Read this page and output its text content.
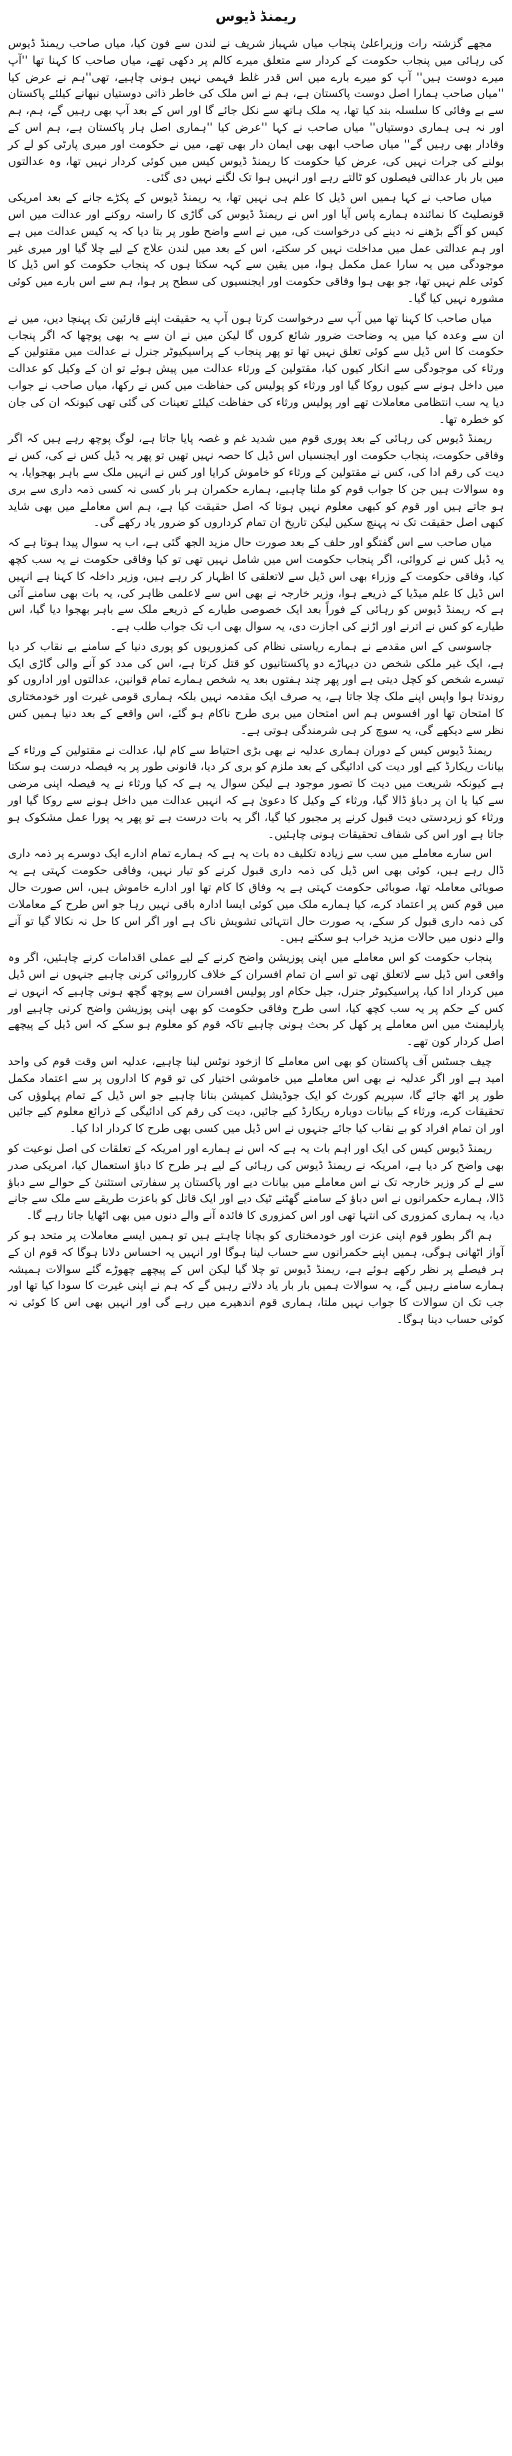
ریمنڈ ڈیوس

مجھے گزشتہ رات وزیراعلیٰ پنجاب میاں شہباز شریف نے لندن سے فون کیا، میاں صاحب ریمنڈ ڈیوس کی رہائی میں پنجاب حکومت کے کردار سے متعلق میرے کالم پر دکھی تھے، میاں صاحب کا کہنا تھا ''آپ میرے دوست ہیں'' آپ کو میرے بارے میں اس قدر غلط فہمی نہیں ہونی چاہیے، تھی''ہم نے عرض کیا ''میاں صاحب ہمارا اصل دوست پاکستان ہے، ہم نے اس ملک کی خاطر ذاتی دوستیاں نبھانے کیلئے پاکستان سے بے وفائی کا سلسلہ بند کیا تھا، یہ ملک ہاتھ سے نکل جائے گا اور اس کے بعد آپ بھی رہیں گے، ہم، ہم اور نہ ہی ہماری دوستیاں'' میاں صاحب نے کہا ''عرض کیا ''ہماری اصل ہار پاکستان ہے، ہم اس کے وفادار بھی رہیں گے'' میاں صاحب ابھی بھی ایمان دار بھی تھے، میں نے حکومت اور میری پارٹی کو لے کر بولنے کی جرات نہیں کی، عرض کیا حکومت کا ریمنڈ ڈیوس کیس میں کوئی کردار نہیں تھا، وہ عدالتوں میں بار بار عدالتی فیصلوں کو ٹالتے رہے اور انہیں ہوا تک لگنے نہیں دی گئی۔

میاں صاحب نے کہا ہمیں اس ڈیل کا علم ہی نہیں تھا، یہ ریمنڈ ڈیوس کے پکڑے جانے کے بعد امریکی قونصلیٹ کا نمائندہ ہمارے پاس آیا اور اس نے ریمنڈ ڈیوس کی گاڑی کا راستہ روکنے اور عدالت میں اس کیس کو آگے بڑھنے نہ دینے کی درخواست کی، میں نے اسے واضح طور پر بتا دیا کہ یہ کیس عدالت میں ہے اور ہم عدالتی عمل میں مداخلت نہیں کر سکتے، اس کے بعد میں لندن علاج کے لیے چلا گیا اور میری غیر موجودگی میں یہ سارا عمل مکمل ہوا، میں یقین سے کہہ سکتا ہوں کہ پنجاب حکومت کو اس ڈیل کا کوئی علم نہیں تھا، جو بھی ہوا وفاقی حکومت اور ایجنسیوں کی سطح پر ہوا، ہم سے اس بارے میں کوئی مشورہ نہیں کیا گیا۔

میاں صاحب کا کہنا تھا میں آپ سے درخواست کرتا ہوں آپ یہ حقیقت اپنے قارئین تک پہنچا دیں، میں نے ان سے وعدہ کیا میں یہ وضاحت ضرور شائع کروں گا لیکن میں نے ان سے یہ بھی پوچھا کہ اگر پنجاب حکومت کا اس ڈیل سے کوئی تعلق نہیں تھا تو پھر پنجاب کے پراسیکیوٹر جنرل نے عدالت میں مقتولین کے ورثاء کی موجودگی سے انکار کیوں کیا، مقتولین کے ورثاء عدالت میں پیش ہوئے تو ان کے وکیل کو عدالت میں داخل ہونے سے کیوں روکا گیا اور ورثاء کو پولیس کی حفاظت میں کس نے رکھا، میاں صاحب نے جواب دیا یہ سب انتظامی معاملات تھے اور پولیس ورثاء کی حفاظت کیلئے تعینات کی گئی تھی کیونکہ ان کی جان کو خطرہ تھا۔

ریمنڈ ڈیوس کی رہائی کے بعد پوری قوم میں شدید غم و غصہ پایا جاتا ہے، لوگ پوچھ رہے ہیں کہ اگر وفاقی حکومت، پنجاب حکومت اور ایجنسیاں اس ڈیل کا حصہ نہیں تھیں تو پھر یہ ڈیل کس نے کی، کس نے دیت کی رقم ادا کی، کس نے مقتولین کے ورثاء کو خاموش کرایا اور کس نے انہیں ملک سے باہر بھجوایا، یہ وہ سوالات ہیں جن کا جواب قوم کو ملنا چاہیے، ہمارے حکمران ہر بار کسی نہ کسی ذمہ داری سے بری ہو جاتے ہیں اور قوم کو کبھی معلوم نہیں ہوتا کہ اصل حقیقت کیا ہے، ہم اس معاملے میں بھی شاید کبھی اصل حقیقت تک نہ پہنچ سکیں لیکن تاریخ ان تمام کرداروں کو ضرور یاد رکھے گی۔

میاں صاحب سے اس گفتگو اور حلف کے بعد صورت حال مزید الجھ گئی ہے، اب یہ سوال پیدا ہوتا ہے کہ یہ ڈیل کس نے کروائی، اگر پنجاب حکومت اس میں شامل نہیں تھی تو کیا وفاقی حکومت نے یہ سب کچھ کیا، وفاقی حکومت کے وزراء بھی اس ڈیل سے لاتعلقی کا اظہار کر رہے ہیں، وزیر داخلہ کا کہنا ہے انہیں اس ڈیل کا علم میڈیا کے ذریعے ہوا، وزیر خارجہ نے بھی اس سے لاعلمی ظاہر کی، یہ بات بھی سامنے آئی ہے کہ ریمنڈ ڈیوس کو رہائی کے فوراً بعد ایک خصوصی طیارے کے ذریعے ملک سے باہر بھجوا دیا گیا، اس طیارے کو کس نے اترنے اور اڑنے کی اجازت دی، یہ سوال بھی اب تک جواب طلب ہے۔

جاسوسی کے اس مقدمے نے ہمارے ریاستی نظام کی کمزوریوں کو پوری دنیا کے سامنے بے نقاب کر دیا ہے، ایک غیر ملکی شخص دن دیہاڑے دو پاکستانیوں کو قتل کرتا ہے، اس کی مدد کو آنے والی گاڑی ایک تیسرے شخص کو کچل دیتی ہے اور پھر چند ہفتوں بعد یہ شخص ہمارے تمام قوانین، عدالتوں اور اداروں کو روندتا ہوا واپس اپنے ملک چلا جاتا ہے، یہ صرف ایک مقدمہ نہیں بلکہ ہماری قومی غیرت اور خودمختاری کا امتحان تھا اور افسوس ہم اس امتحان میں بری طرح ناکام ہو گئے، اس واقعے کے بعد دنیا ہمیں کس نظر سے دیکھے گی، یہ سوچ کر ہی شرمندگی ہوتی ہے۔

ریمنڈ ڈیوس کیس کے دوران ہماری عدلیہ نے بھی بڑی احتیاط سے کام لیا، عدالت نے مقتولین کے ورثاء کے بیانات ریکارڈ کیے اور دیت کی ادائیگی کے بعد ملزم کو بری کر دیا، قانونی طور پر یہ فیصلہ درست ہو سکتا ہے کیونکہ شریعت میں دیت کا تصور موجود ہے لیکن سوال یہ ہے کہ کیا ورثاء نے یہ فیصلہ اپنی مرضی سے کیا یا ان پر دباؤ ڈالا گیا، ورثاء کے وکیل کا دعویٰ ہے کہ انہیں عدالت میں داخل ہونے سے روکا گیا اور ورثاء کو زبردستی دیت قبول کرنے پر مجبور کیا گیا، اگر یہ بات درست ہے تو پھر یہ پورا عمل مشکوک ہو جاتا ہے اور اس کی شفاف تحقیقات ہونی چاہئیں۔

اس سارے معاملے میں سب سے زیادہ تکلیف دہ بات یہ ہے کہ ہمارے تمام ادارے ایک دوسرے پر ذمہ داری ڈال رہے ہیں، کوئی بھی اس ڈیل کی ذمہ داری قبول کرنے کو تیار نہیں، وفاقی حکومت کہتی ہے یہ صوبائی معاملہ تھا، صوبائی حکومت کہتی ہے یہ وفاق کا کام تھا اور ادارے خاموش ہیں، اس صورت حال میں قوم کس پر اعتماد کرے، کیا ہمارے ملک میں کوئی ایسا ادارہ باقی نہیں رہا جو اس طرح کے معاملات کی ذمہ داری قبول کر سکے، یہ صورت حال انتہائی تشویش ناک ہے اور اگر اس کا حل نہ نکالا گیا تو آنے والے دنوں میں حالات مزید خراب ہو سکتے ہیں۔

پنجاب حکومت کو اس معاملے میں اپنی پوزیشن واضح کرنے کے لیے عملی اقدامات کرنے چاہئیں، اگر وہ واقعی اس ڈیل سے لاتعلق تھی تو اسے ان تمام افسران کے خلاف کارروائی کرنی چاہیے جنہوں نے اس ڈیل میں کردار ادا کیا، پراسیکیوٹر جنرل، جیل حکام اور پولیس افسران سے پوچھ گچھ ہونی چاہیے کہ انہوں نے کس کے حکم پر یہ سب کچھ کیا، اسی طرح وفاقی حکومت کو بھی اپنی پوزیشن واضح کرنی چاہیے اور پارلیمنٹ میں اس معاملے پر کھل کر بحث ہونی چاہیے تاکہ قوم کو معلوم ہو سکے کہ اس ڈیل کے پیچھے اصل کردار کون تھے۔

چیف جسٹس آف پاکستان کو بھی اس معاملے کا ازخود نوٹس لینا چاہیے، عدلیہ اس وقت قوم کی واحد امید ہے اور اگر عدلیہ نے بھی اس معاملے میں خاموشی اختیار کی تو قوم کا اداروں پر سے اعتماد مکمل طور پر اٹھ جائے گا، سپریم کورٹ کو ایک جوڈیشل کمیشن بنانا چاہیے جو اس ڈیل کے تمام پہلوؤں کی تحقیقات کرے، ورثاء کے بیانات دوبارہ ریکارڈ کیے جائیں، دیت کی رقم کی ادائیگی کے ذرائع معلوم کیے جائیں اور ان تمام افراد کو بے نقاب کیا جائے جنہوں نے اس ڈیل میں کسی بھی طرح کا کردار ادا کیا۔

ریمنڈ ڈیوس کیس کی ایک اور اہم بات یہ ہے کہ اس نے ہمارے اور امریکہ کے تعلقات کی اصل نوعیت کو بھی واضح کر دیا ہے، امریکہ نے ریمنڈ ڈیوس کی رہائی کے لیے ہر طرح کا دباؤ استعمال کیا، امریکی صدر سے لے کر وزیر خارجہ تک نے اس معاملے میں بیانات دیے اور پاکستان پر سفارتی استثنیٰ کے حوالے سے دباؤ ڈالا، ہمارے حکمرانوں نے اس دباؤ کے سامنے گھٹنے ٹیک دیے اور ایک قاتل کو باعزت طریقے سے ملک سے جانے دیا، یہ ہماری کمزوری کی انتہا تھی اور اس کمزوری کا فائدہ آنے والے دنوں میں بھی اٹھایا جاتا رہے گا۔

ہم اگر بطور قوم اپنی عزت اور خودمختاری کو بچانا چاہتے ہیں تو ہمیں ایسے معاملات پر متحد ہو کر آواز اٹھانی ہوگی، ہمیں اپنے حکمرانوں سے حساب لینا ہوگا اور انہیں یہ احساس دلانا ہوگا کہ قوم ان کے ہر فیصلے پر نظر رکھے ہوئے ہے، ریمنڈ ڈیوس تو چلا گیا لیکن اس کے پیچھے چھوڑے گئے سوالات ہمیشہ ہمارے سامنے رہیں گے، یہ سوالات ہمیں بار بار یاد دلاتے رہیں گے کہ ہم نے اپنی غیرت کا سودا کیا تھا اور جب تک ان سوالات کا جواب نہیں ملتا، ہماری قوم اندھیرے میں رہے گی اور انہیں بھی اس کا کوئی نہ کوئی حساب دینا ہوگا۔
